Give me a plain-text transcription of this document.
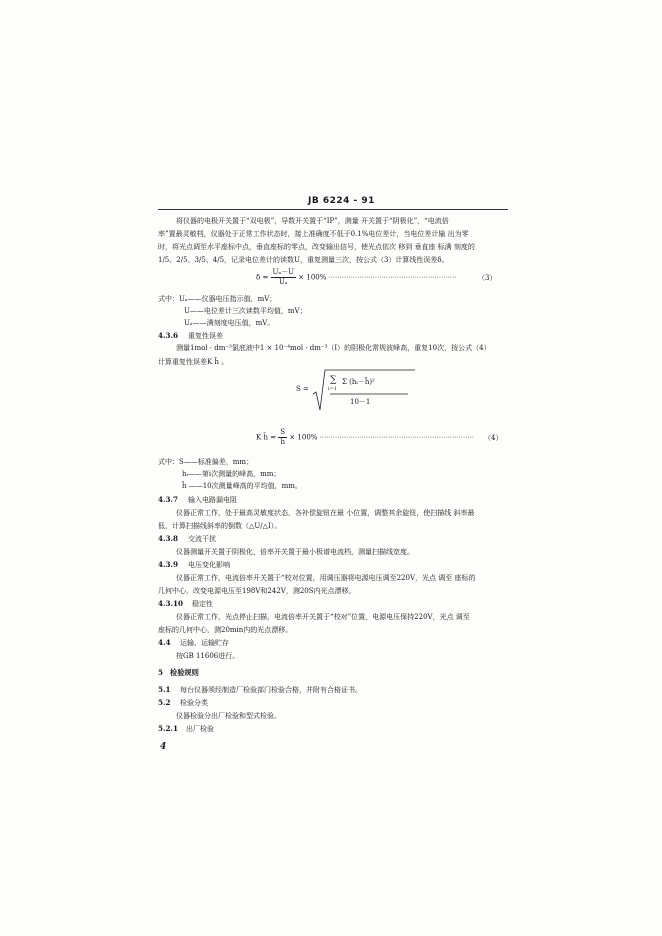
JB 6224 - 91
将仪器的电极开关置于“双电极”，导数开关置于“IP”，测量 开关置于“阴极化”，“电流倍
率”置最灵敏档，仪器处于正常工作状态时，接上准确度不低于0.1%电位差计，当电位差计输 出为零
时，将光点调至水平座标中点，垂直座标的零点，改变输出信号，使光点依次 移到 垂直座 标满 刻度的
1/5、2/5、3/5、4/5，记录电位差计的读数U，重复测量三次，按公式（3）计算线性误差δ。
$\delta = \frac{\text{Uₐ－U}}{\text{Uₐ}} \times 100\%$ ··························································	（3）
式中：Uₐ——仪器电压指示值，mV；
U——电位差计三次读数平均值，mV；
Uₐ——满刻度电压值，mV。
4.3.6 重复性误差
测量1mol · dm⁻³氯底液中1 × 10⁻⁴mol · dm⁻³（Ⅰ）的阴极化常规波峰高，重复10次，按公式（4）
计算重复性误差K h̄ 。
S =
∑
i=1
Σ (hᵢ－h̄)²
10－1
K h̄ = $\frac{S}{h̄} \times 100\%$ ······································································ （4）
式中：S——标准偏差，mm；
hᵢ——第i次测量的峰高，mm；
h̄ ——10次测量峰高的平均值，mm。
4.3.7 输入电路漏电阻
仪器正常工作，处于最高灵敏度状态，各补偿旋钮在最 小位置，调整其余旋钮，使扫描线 斜率最
低，计算扫描线斜率的倒数（△U/△I）。
4.3.8 交流干扰
仪器测量开关置于阴极化，倍率开关置于最小极谱电流档，测量扫描线宽度。
4.3.9 电压变化影响
仪器正常工作，电流倍率开关置于“校对位置，用调压器将电源电压调至220V，光点 调至 座标的
几何中心，改变电源电压至198V和242V，测20S内光点漂移。
4.3.10 稳定性
仪器正常工作，光点停止扫描，电流倍率开关置于“校对”位置，电源电压保持220V，光点 调至
座标的几何中心，测20min内的光点漂移。
4.4 运输、运输贮存
按GB 11606进行。
5 检验规则
5.1 每台仪器须经制造厂检验部门检验合格，并附有合格证书。
5.2 检验分类
仪器检验分出厂检验和型式检验。
5.2.1 出厂检验
4
